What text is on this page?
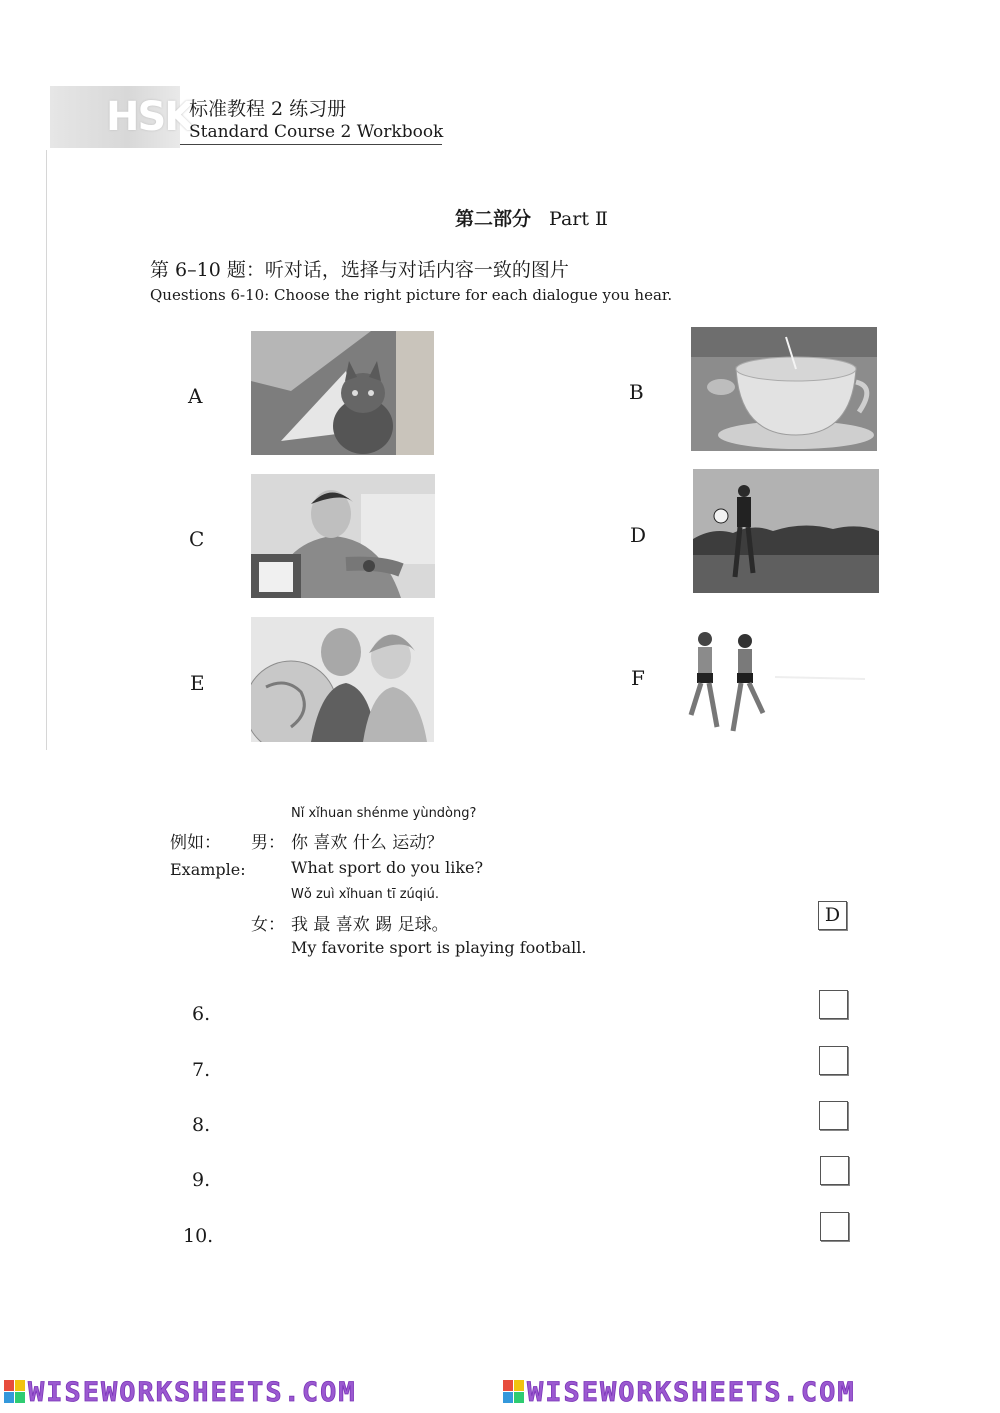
HSK
标准教程 2 练习册
Standard Course 2 Workbook
第二部分 Part Ⅱ
第 6–10 题：听对话，选择与对话内容一致的图片
Questions 6-10: Choose the right picture for each dialogue you hear.
A	B
C	D
E	F
Nǐ xǐhuan shénme yùndòng?
例如： 男： 你 喜欢 什么 运动？
Example:	What sport do you like?
Wǒ zuì xǐhuan tī zúqiú.
女： 我 最 喜欢 踢 足球。
My favorite sport is playing football.
D
6.
7.
8.
9.
10.
WISEWORKSHEETS.COM	WISEWORKSHEETS.COM
